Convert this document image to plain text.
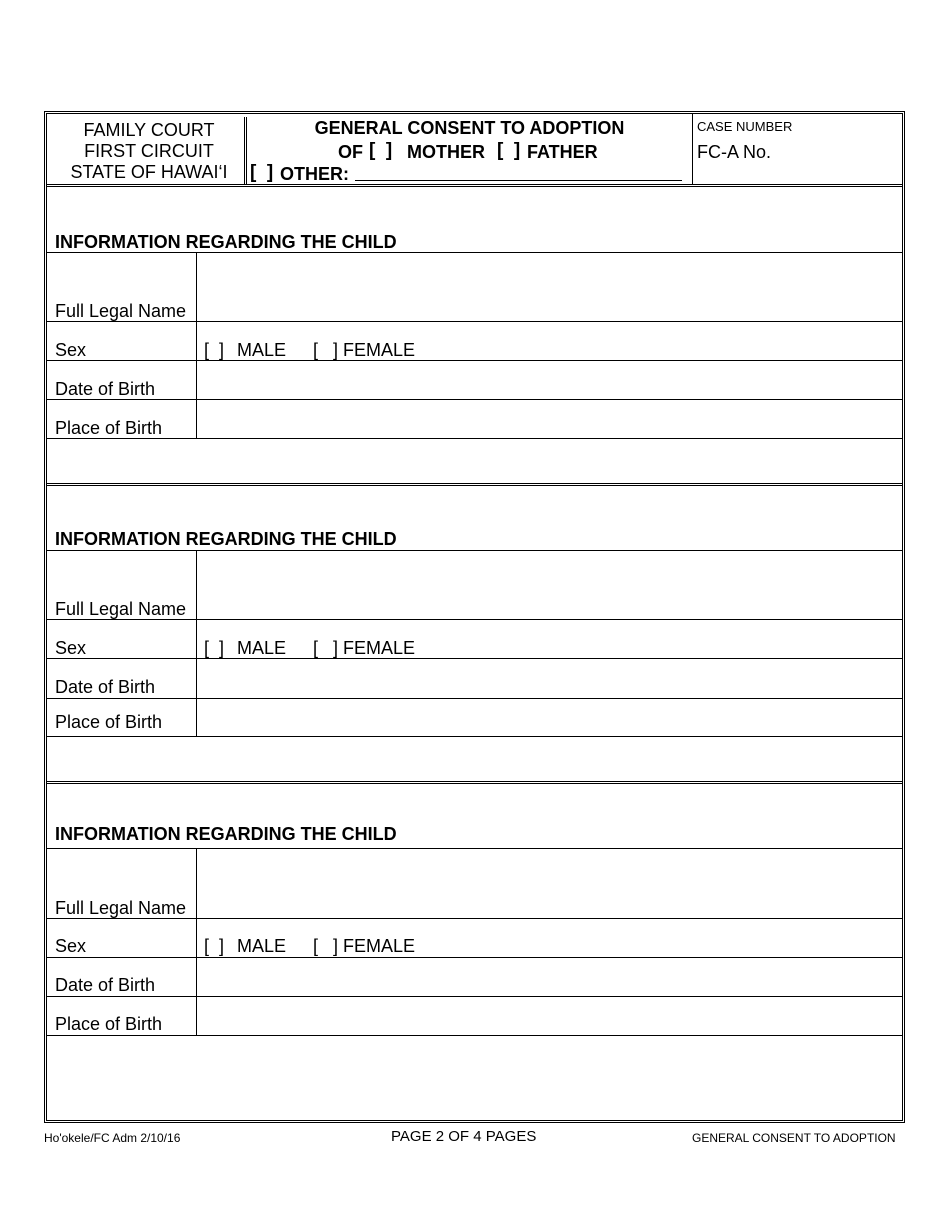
FAMILY COURT
FIRST CIRCUIT
STATE OF HAWAI‘I
GENERAL CONSENT TO ADOPTION
OF [  ] MOTHER [  ] FATHER
[  ] OTHER:
CASE NUMBER
FC-A No.
INFORMATION REGARDING THE CHILD
Full Legal Name
Sex	[  ] MALE [   ] FEMALE
Date of Birth
Place of Birth
INFORMATION REGARDING THE CHILD
Full Legal Name
Sex	[  ] MALE [   ] FEMALE
Date of Birth
Place of Birth
INFORMATION REGARDING THE CHILD
Full Legal Name
Sex	[  ] MALE [   ] FEMALE
Date of Birth
Place of Birth
Ho'okele/FC Adm 2/10/16	PAGE 2 OF 4 PAGES	GENERAL CONSENT TO ADOPTION
